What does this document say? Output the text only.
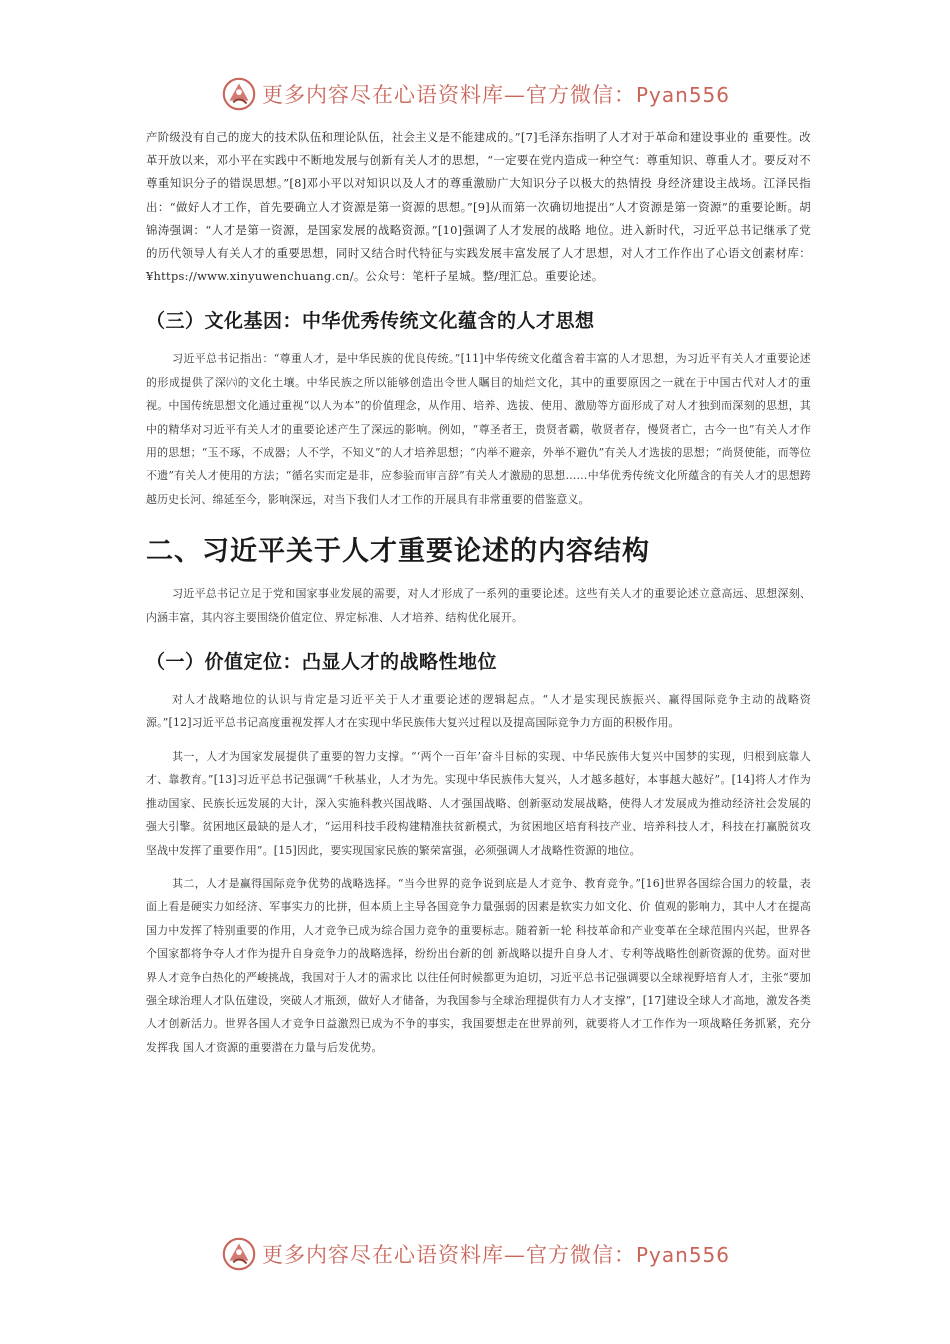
更多内容尽在心语资料库—官方微信：Pyan556

产阶级没有自己的庞大的技术队伍和理论队伍，社会主义是不能建成的。”[7]毛泽东指明了人才对于革命和建设事业的 重要性。改革开放以来，邓小平在实践中不断地发展与创新有关人才的思想，“一定要在党内造成一种空气：尊重知识、尊重人才。要反对不尊重知识分子的错误思想。”[8]邓小平以对知识以及人才的尊重激励广大知识分子以极大的热情投 身经济建设主战场。江泽民指出：“做好人才工作，首先要确立人才资源是第一资源的思想。”[9]从而第一次确切地提出“人才资源是第一资源”的重要论断。胡锦涛强调：“人才是第一资源，是国家发展的战略资源。”[10]强调了人才发展的战略 地位。进入新时代，习近平总书记继承了党的历代领导人有关人才的重要思想，同时又结合时代特征与实践发展丰富发展了人才思想，对人才工作作出了心语文创素材库：¥https://www.xinyuwenchuang.cn/。公众号：笔杆子星城。整/理汇总。重要论述。

（三）文化基因：中华优秀传统文化蕴含的人才思想

习近平总书记指出：“尊重人才，是中华民族的优良传统。”[11]中华传统文化蕴含着丰富的人才思想，为习近平有关人才重要论述的形成提供了深㈥的文化土壤。中华民族之所以能够创造出令世人瞩目的灿烂文化，其中的重要原因之一就在于中国古代对人才的重视。中国传统思想文化通过重视“以人为本”的价值理念，从作用、培养、选拔、使用、激励等方面形成了对人才独到而深刻的思想，其中的精华对习近平有关人才的重要论述产生了深远的影响。例如，“尊圣者王，贵贤者霸，敬贤者存，慢贤者亡，古今一也”有关人才作用的思想；“玉不琢，不成器；人不学，不知义”的人才培养思想；“内举不避亲，外举不避仇”有关人才选拔的思想；“尚贤使能，而等位不遗”有关人才使用的方法；“循名实而定是非，应参验而审言辞”有关人才激励的思想……中华优秀传统文化所蕴含的有关人才的思想跨越历史长河、绵延至今，影响深远，对当下我们人才工作的开展具有非常重要的借鉴意义。

二、习近平关于人才重要论述的内容结构

习近平总书记立足于党和国家事业发展的需要，对人才形成了一系列的重要论述。这些有关人才的重要论述立意高远、思想深刻、内涵丰富，其内容主要围绕价值定位、界定标准、人才培养、结构优化展开。

（一）价值定位：凸显人才的战略性地位

对人才战略地位的认识与肯定是习近平关于人才重要论述的逻辑起点。“人才是实现民族振兴、赢得国际竞争主动的战略资源。”[12]习近平总书记高度重视发挥人才在实现中华民族伟大复兴过程以及提高国际竞争力方面的积极作用。

其一，人才为国家发展提供了重要的智力支撑。“‘两个一百年’奋斗目标的实现、中华民族伟大复兴中国梦的实现，归根到底靠人才、靠教育。”[13]习近平总书记强调“千秋基业，人才为先。实现中华民族伟大复兴，人才越多越好，本事越大越好”。[14]将人才作为推动国家、民族长远发展的大计，深入实施科教兴国战略、人才强国战略、创新驱动发展战略，使得人才发展成为推动经济社会发展的强大引擎。贫困地区最缺的是人才，“运用科技手段构建精准扶贫新模式，为贫困地区培育科技产业、培养科技人才，科技在打赢脱贫攻坚战中发挥了重要作用”。[15]因此，要实现国家民族的繁荣富强，必须强调人才战略性资源的地位。

其二，人才是赢得国际竞争优势的战略选择。“当今世界的竞争说到底是人才竞争、教育竞争。”[16]世界各国综合国力的较量，表面上看是硬实力如经济、军事实力的比拼，但本质上主导各国竞争力量强弱的因素是软实力如文化、价 值观的影响力，其中人才在提高国力中发挥了特别重要的作用，人才竞争已成为综合国力竞争的重要标志。随着新一轮 科技革命和产业变革在全球范围内兴起，世界各个国家都将争夺人才作为提升自身竞争力的战略选择，纷纷出台新的创 新战略以提升自身人才、专利等战略性创新资源的优势。面对世界人才竞争白热化的严峻挑战，我国对于人才的需求比 以往任何时候都更为迫切，习近平总书记强调要以全球视野培育人才，主张“要加强全球治理人才队伍建设，突破人才瓶颈，做好人才储备，为我国参与全球治理提供有力人才支撑”，[17]建设全球人才高地，激发各类人才创新活力。世界各国人才竞争日益激烈已成为不争的事实，我国要想走在世界前列，就要将人才工作作为一项战略任务抓紧，充分发挥我 国人才资源的重要潜在力量与后发优势。

更多内容尽在心语资料库—官方微信：Pyan556
